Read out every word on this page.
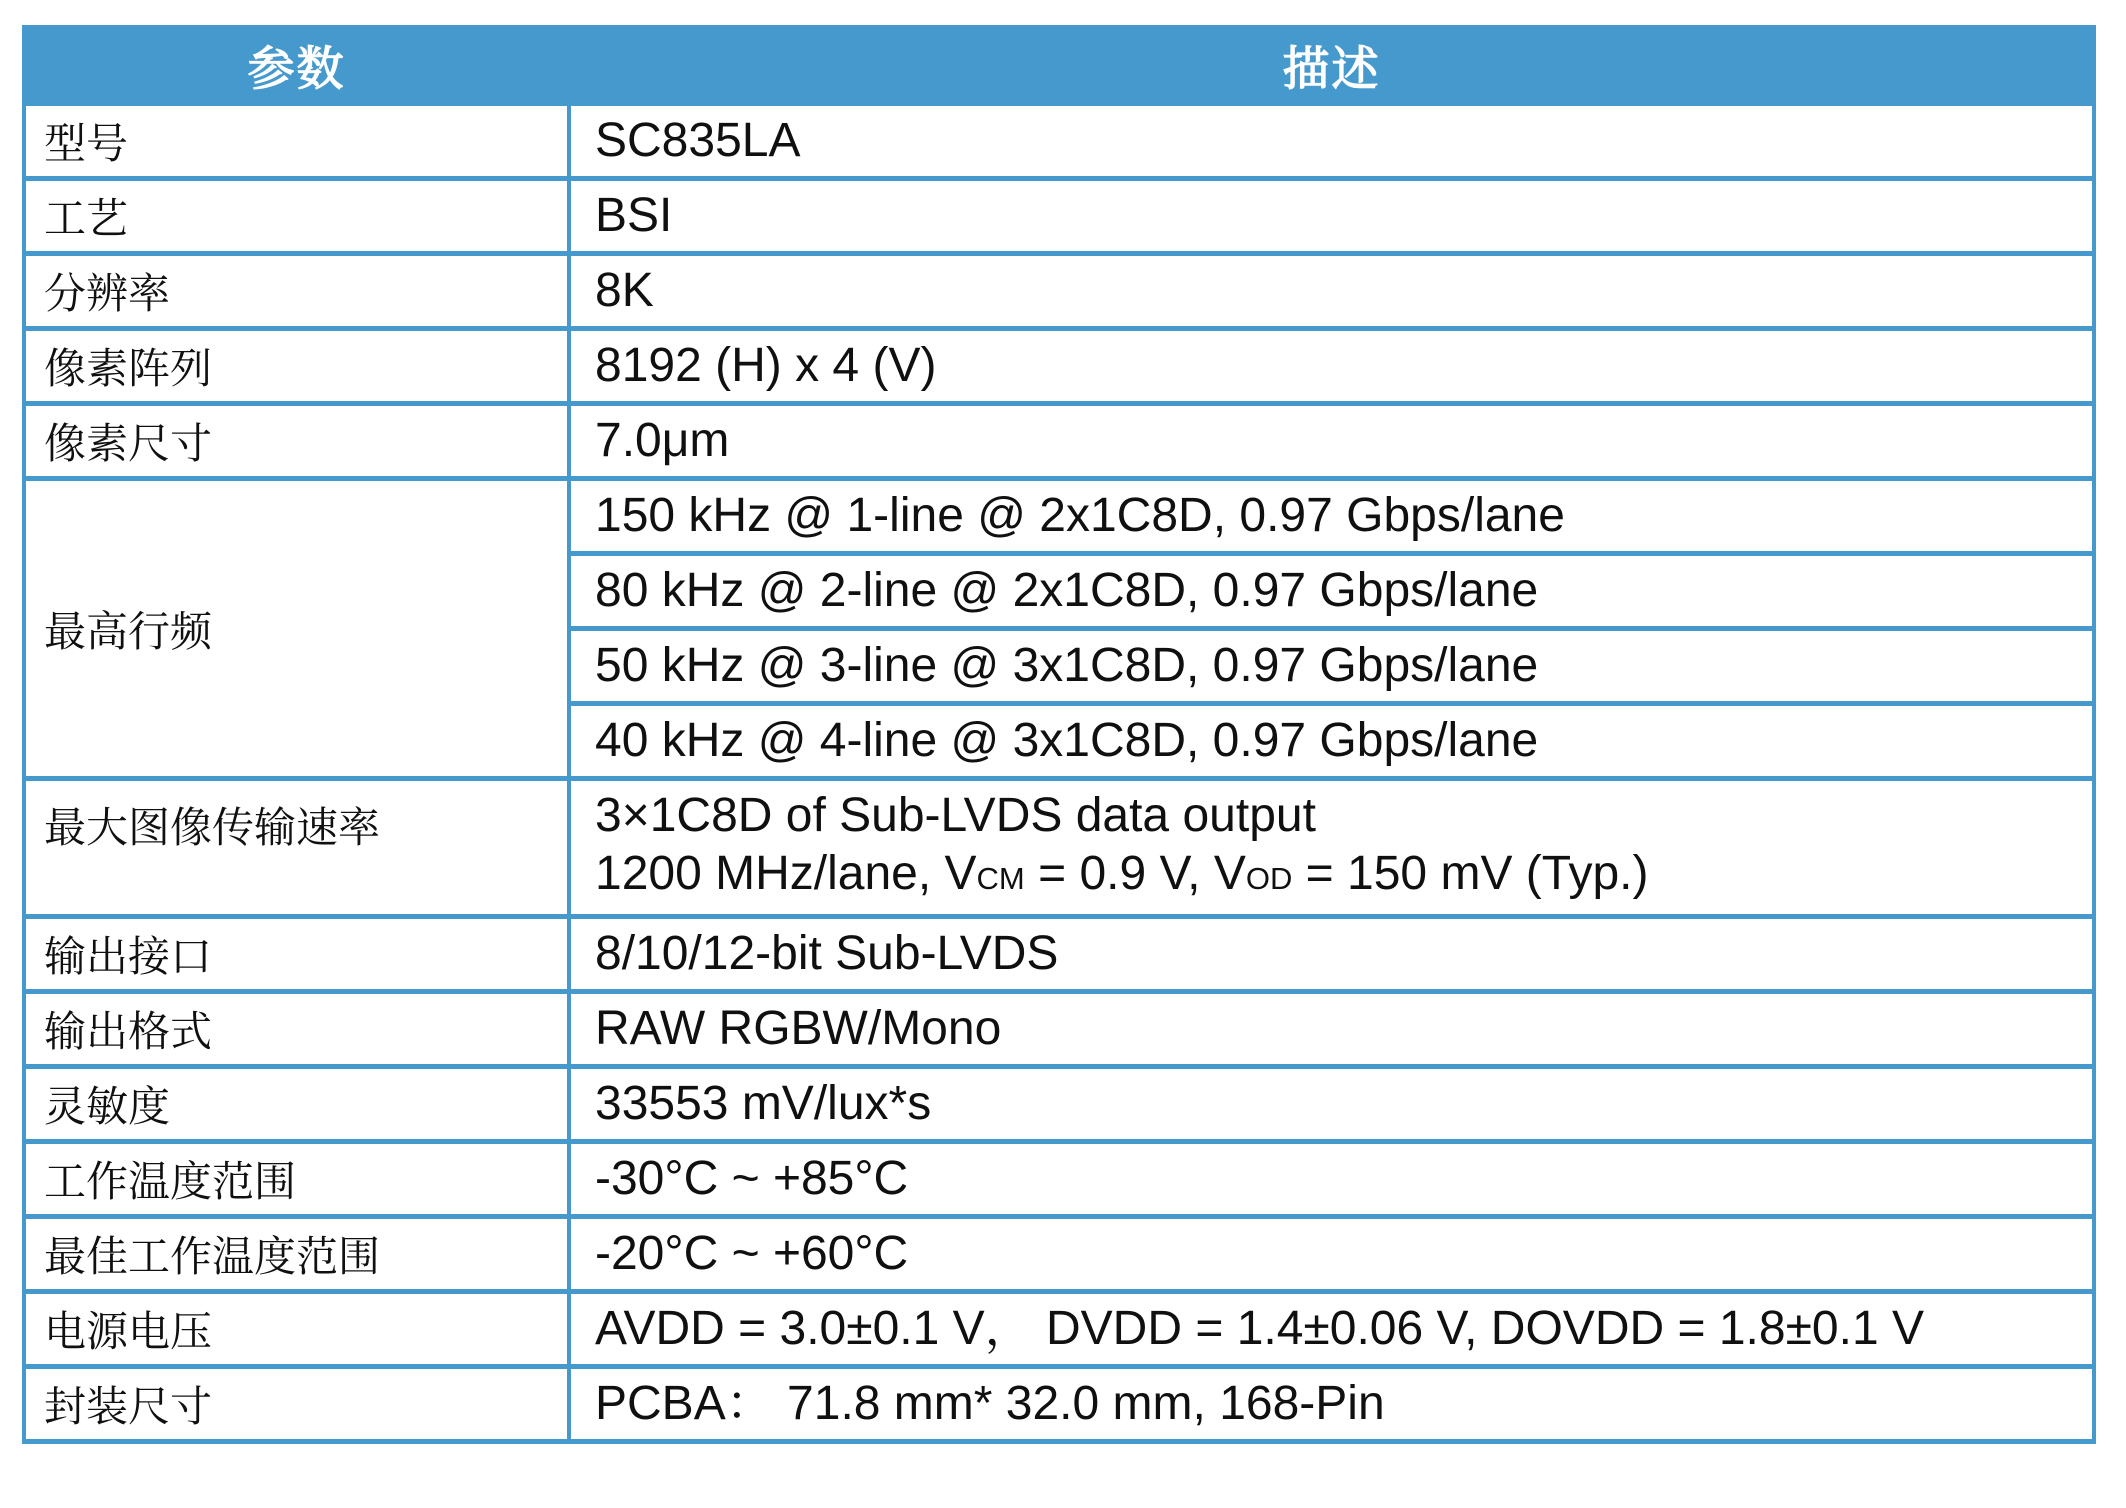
参数	描述
型号	SC835LA

工艺	BSI

分辨率	8K

像素阵列	8192 (H) x 4 (V)

像素尺寸	7.0μm

最高行频	150 kHz @ 1-line @ 2x1C8D, 0.97 Gbps/lane

	80 kHz @ 2-line @ 2x1C8D, 0.97 Gbps/lane

	50 kHz @ 3-line @ 3x1C8D, 0.97 Gbps/lane

	40 kHz @ 4-line @ 3x1C8D, 0.97 Gbps/lane

最大图像传输速率	3×1C8D of Sub-LVDS data output
1200 MHz/lane, VCM = 0.9 V, VOD = 150 mV (Typ.)

输出接口	8/10/12-bit Sub-LVDS

输出格式	RAW RGBW/Mono

灵敏度	33553 mV/lux*s

工作温度范围	-30°C ~ +85°C

最佳工作温度范围	-20°C ~ +60°C

电源电压	AVDD = 3.0±0.1 V， DVDD = 1.4±0.06 V, DOVDD = 1.8±0.1 V

封装尺寸	PCBA： 71.8 mm* 32.0 mm, 168-Pin
